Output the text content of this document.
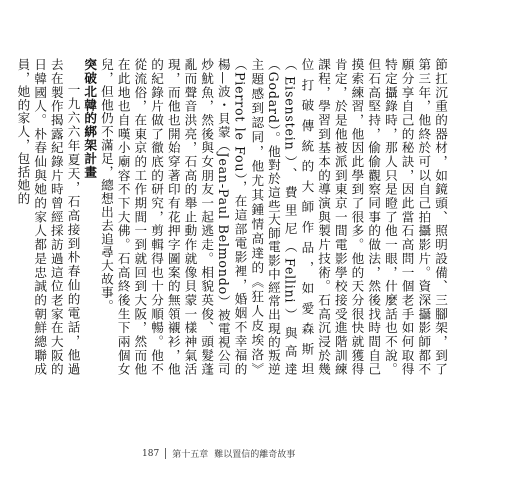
節扛沉重的器材，如鏡頭、照明設備、三腳架，到了第三年，他終於可以自己拍攝影片。資深攝影師都不願分享自己的秘訣，因此當石高問一個老手如何取得特定攝錄時，那人只是瞪了他一眼，什麼話也不說。但石高堅持，偷偷觀察同事的做法，然後找時間自己摸索練習，他因此學到了很多。他的天分很快就獲得肯定，於是他被派到東京一間電影學校接受進階訓練課程，學習到基本的導演與製片技術。石高沉浸於幾位打破傳統的大師作品，如愛森斯坦（Eisenstein）、費里尼（Fellini）與高達（Godard）。他對於這些大師電影中經常出現的叛逆主題感到認同，他尤其鍾情高達的《狂人皮埃洛》（Pierrot le Fou），在這部電影裡，婚姻不幸福的楊—波・貝蒙（Jean-Paul Belmondo）被電視公司炒魷魚，然後與女朋友一起逃走。相貌英俊、頭髮蓬亂而聲音洪亮，石高的舉止動作就像貝蒙一樣神氣活現，而他也開始穿著印有花押字圖案的無領襯衫，他的紀錄片做了徹底的研究，剪輯得也十分順暢。他不從流俗，在東京的工作期間一到就回到大阪，然而他在此地也自嘆小廟容不下大佛。石高終後生下兩個女兒，但他仍不滿足，總想出去追尋大故事。

突破北韓的綁架計畫

一九六六年夏天，石高接到朴春仙的電話，他過去在製作揭露紀錄片時曾經採訪過這位老家在大阪的日韓國人。朴春仙與她的家人都是忠誠的朝鮮總聯成員，她的家人，包括她的

187 第十五章 難以置信的離奇故事
